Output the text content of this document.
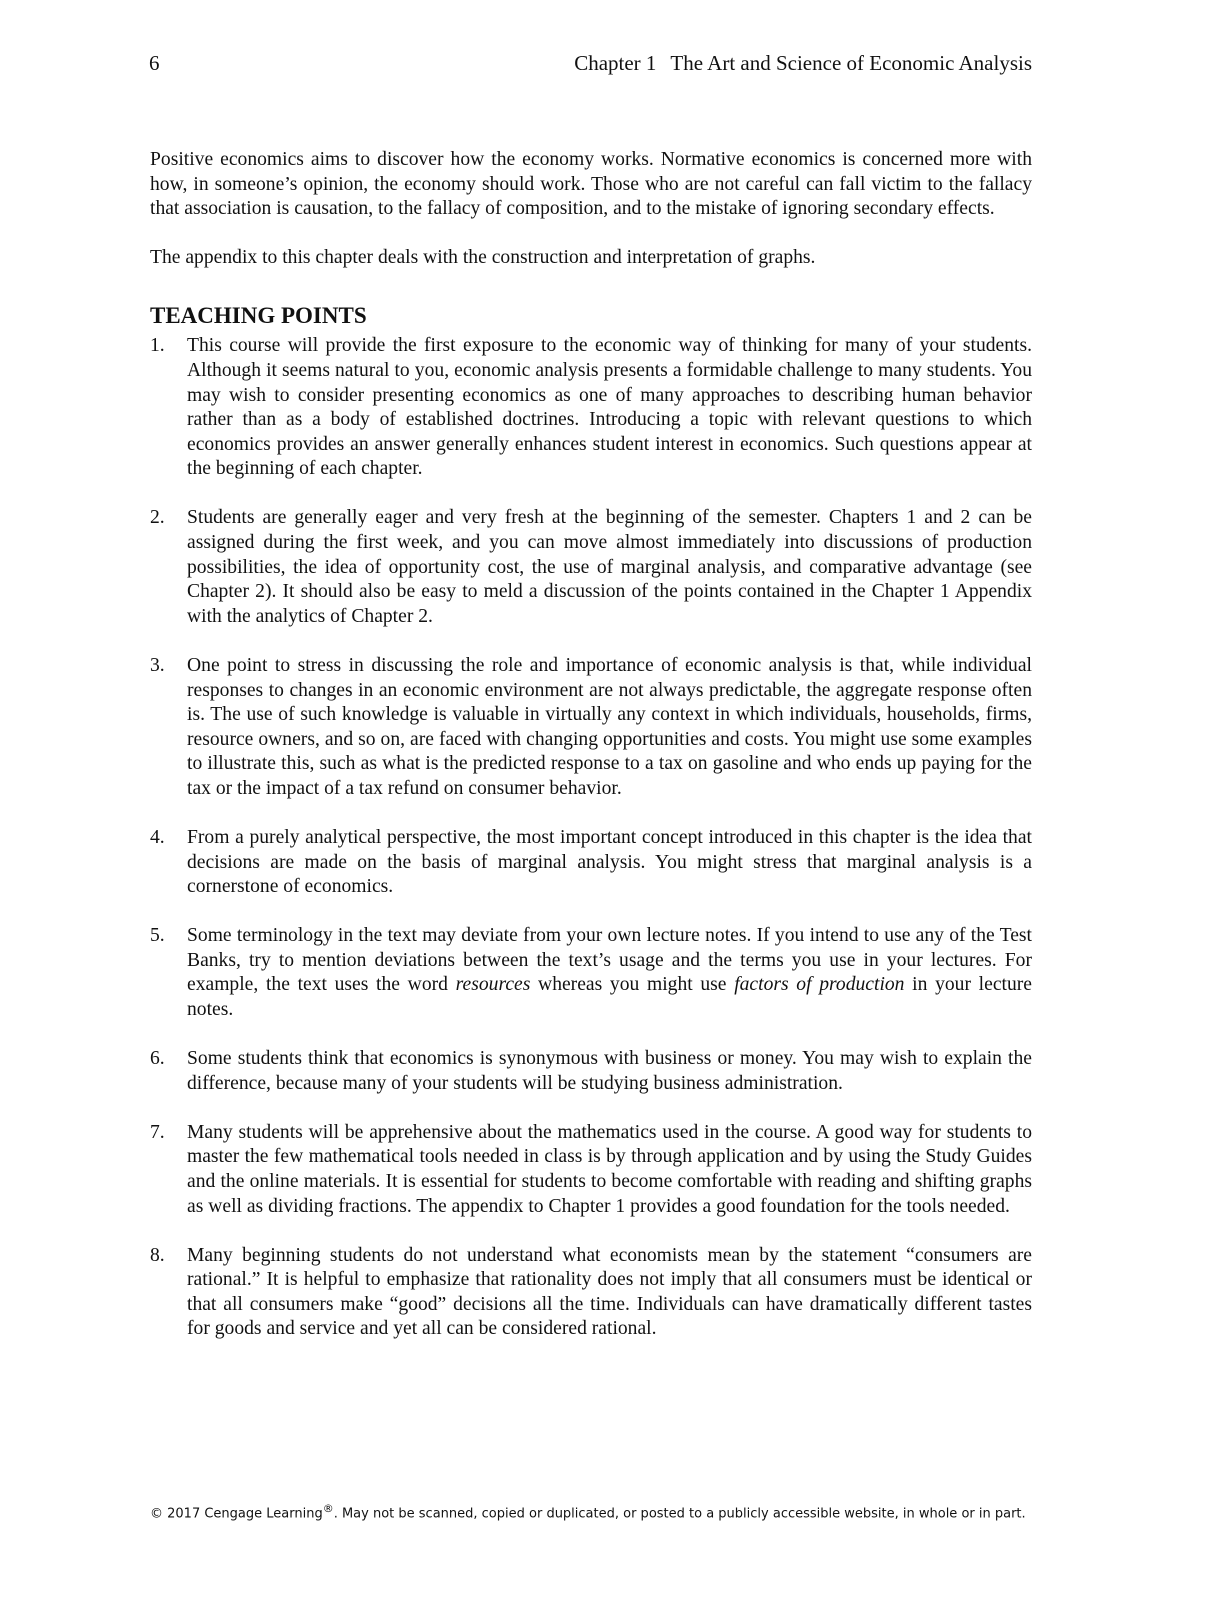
6	Chapter 1 The Art and Science of Economic Analysis

Positive economics aims to discover how the economy works. Normative economics is concerned more with how, in someone’s opinion, the economy should work. Those who are not careful can fall victim to the fallacy that association is causation, to the fallacy of composition, and to the mistake of ignoring secondary effects.

The appendix to this chapter deals with the construction and interpretation of graphs.

TEACHING POINTS
1. This course will provide the first exposure to the economic way of thinking for many of your students. Although it seems natural to you, economic analysis presents a formidable challenge to many students. You may wish to consider presenting economics as one of many approaches to describing human behavior rather than as a body of established doctrines. Introducing a topic with relevant questions to which economics provides an answer generally enhances student interest in economics. Such questions appear at the beginning of each chapter.
2. Students are generally eager and very fresh at the beginning of the semester. Chapters 1 and 2 can be assigned during the first week, and you can move almost immediately into discussions of production possibilities, the idea of opportunity cost, the use of marginal analysis, and comparative advantage (see Chapter 2). It should also be easy to meld a discussion of the points contained in the Chapter 1 Appendix with the analytics of Chapter 2.
3. One point to stress in discussing the role and importance of economic analysis is that, while individual responses to changes in an economic environment are not always predictable, the aggregate response often is. The use of such knowledge is valuable in virtually any context in which individuals, households, firms, resource owners, and so on, are faced with changing opportunities and costs. You might use some examples to illustrate this, such as what is the predicted response to a tax on gasoline and who ends up paying for the tax or the impact of a tax refund on consumer behavior.
4. From a purely analytical perspective, the most important concept introduced in this chapter is the idea that decisions are made on the basis of marginal analysis. You might stress that marginal analysis is a cornerstone of economics.
5. Some terminology in the text may deviate from your own lecture notes. If you intend to use any of the Test Banks, try to mention deviations between the text’s usage and the terms you use in your lectures. For example, the text uses the word resources whereas you might use factors of production in your lecture notes.
6. Some students think that economics is synonymous with business or money. You may wish to explain the difference, because many of your students will be studying business administration.
7. Many students will be apprehensive about the mathematics used in the course. A good way for students to master the few mathematical tools needed in class is by through application and by using the Study Guides and the online materials. It is essential for students to become comfortable with reading and shifting graphs as well as dividing fractions. The appendix to Chapter 1 provides a good foundation for the tools needed.
8. Many beginning students do not understand what economists mean by the statement “consumers are rational.” It is helpful to emphasize that rationality does not imply that all consumers must be identical or that all consumers make “good” decisions all the time. Individuals can have dramatically different tastes for goods and service and yet all can be considered rational.
© 2017 Cengage Learning®. May not be scanned, copied or duplicated, or posted to a publicly accessible website, in whole or in part.
